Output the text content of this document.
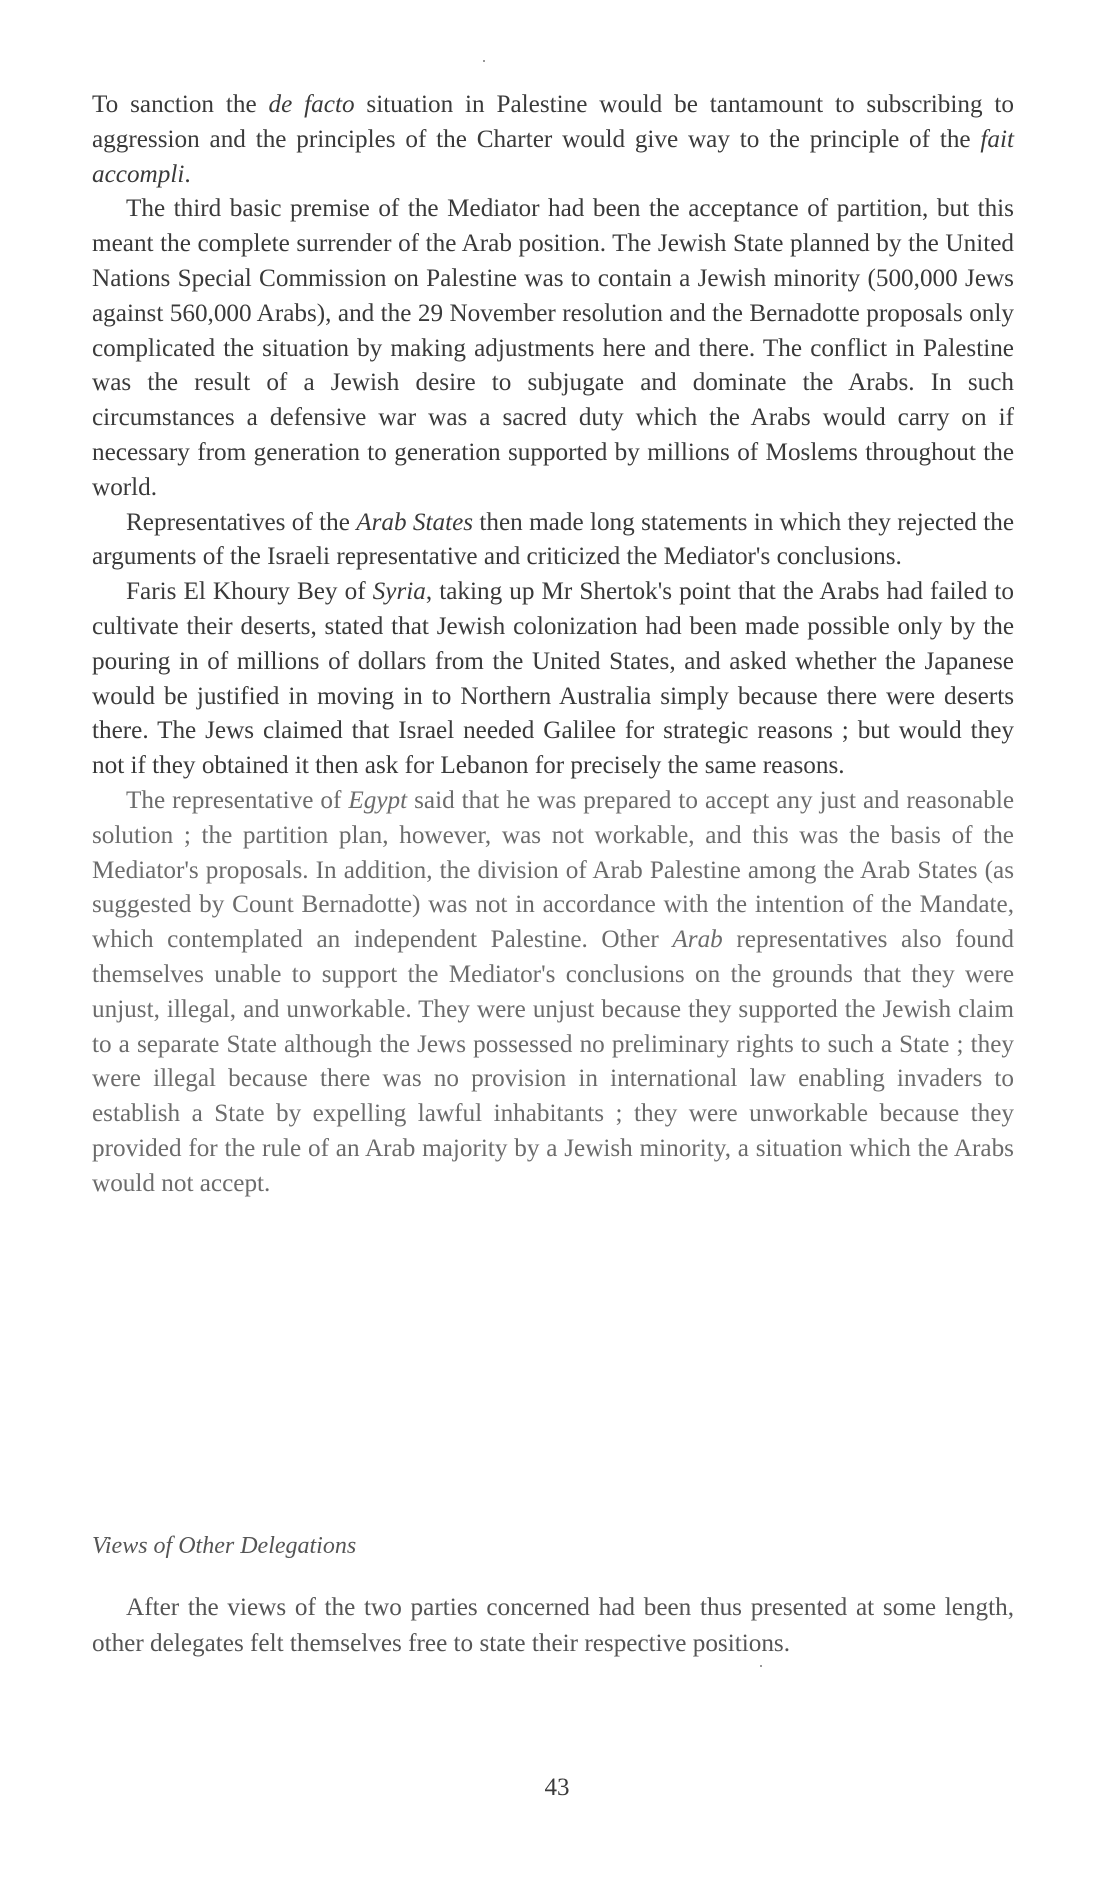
To sanction the de facto situation in Palestine would be tantamount to subscribing to aggression and the principles of the Charter would give way to the principle of the fait accompli.

The third basic premise of the Mediator had been the acceptance of partition, but this meant the complete surrender of the Arab position. The Jewish State planned by the United Nations Special Commission on Palestine was to contain a Jewish minority (500,000 Jews against 560,000 Arabs), and the 29 November resolution and the Bernadotte proposals only complicated the situation by making adjustments here and there. The conflict in Palestine was the result of a Jewish desire to subjugate and dominate the Arabs. In such circumstances a defensive war was a sacred duty which the Arabs would carry on if necessary from generation to generation supported by millions of Moslems throughout the world.

Representatives of the Arab States then made long statements in which they rejected the arguments of the Israeli representative and criticized the Mediator's conclusions.

Faris El Khoury Bey of Syria, taking up Mr Shertok's point that the Arabs had failed to cultivate their deserts, stated that Jewish colonization had been made possible only by the pouring in of millions of dollars from the United States, and asked whether the Japanese would be justified in moving in to Northern Australia simply because there were deserts there. The Jews claimed that Israel needed Galilee for strategic reasons ; but would they not if they obtained it then ask for Lebanon for precisely the same reasons.

The representative of Egypt said that he was prepared to accept any just and reasonable solution ; the partition plan, however, was not workable, and this was the basis of the Mediator's proposals. In addition, the division of Arab Palestine among the Arab States (as suggested by Count Bernadotte) was not in accordance with the intention of the Mandate, which contemplated an independent Palestine. Other Arab representatives also found themselves unable to support the Mediator's conclusions on the grounds that they were unjust, illegal, and unworkable. They were unjust because they supported the Jewish claim to a separate State although the Jews possessed no preliminary rights to such a State ; they were illegal because there was no provision in international law enabling invaders to establish a State by expelling lawful inhabitants ; they were unworkable because they provided for the rule of an Arab majority by a Jewish minority, a situation which the Arabs would not accept.

Views of Other Delegations

After the views of the two parties concerned had been thus presented at some length, other delegates felt themselves free to state their respective positions.

43
